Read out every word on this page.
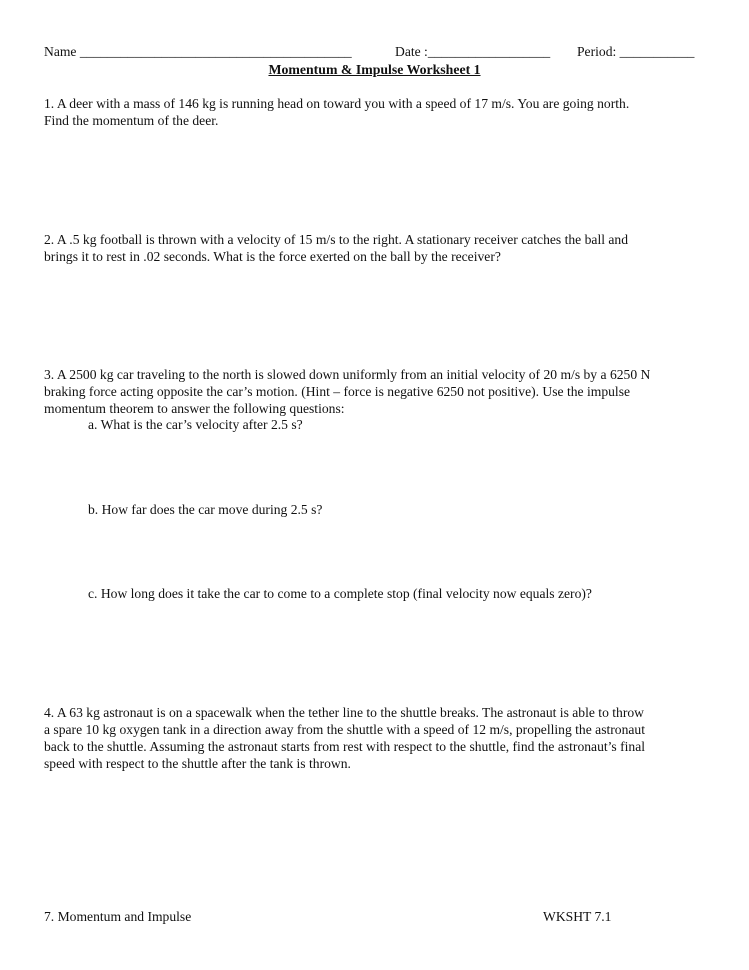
Name ________________________________________	Date :__________________ Period: ___________
Momentum & Impulse Worksheet 1
1. A deer with a mass of 146 kg is running head on toward you with a speed of 17 m/s. You are going north.
Find the momentum of the deer.
2. A .5 kg football is thrown with a velocity of 15 m/s to the right. A stationary receiver catches the ball and
brings it to rest in .02 seconds. What is the force exerted on the ball by the receiver?
3. A 2500 kg car traveling to the north is slowed down uniformly from an initial velocity of 20 m/s by a 6250 N
braking force acting opposite the car’s motion. (Hint – force is negative 6250 not positive). Use the impulse
momentum theorem to answer the following questions:
a. What is the car’s velocity after 2.5 s?
b. How far does the car move during 2.5 s?
c. How long does it take the car to come to a complete stop (final velocity now equals zero)?
4. A 63 kg astronaut is on a spacewalk when the tether line to the shuttle breaks. The astronaut is able to throw
a spare 10 kg oxygen tank in a direction away from the shuttle with a speed of 12 m/s, propelling the astronaut
back to the shuttle. Assuming the astronaut starts from rest with respect to the shuttle, find the astronaut’s final
speed with respect to the shuttle after the tank is thrown.
7. Momentum and Impulse	WKSHT 7.1
